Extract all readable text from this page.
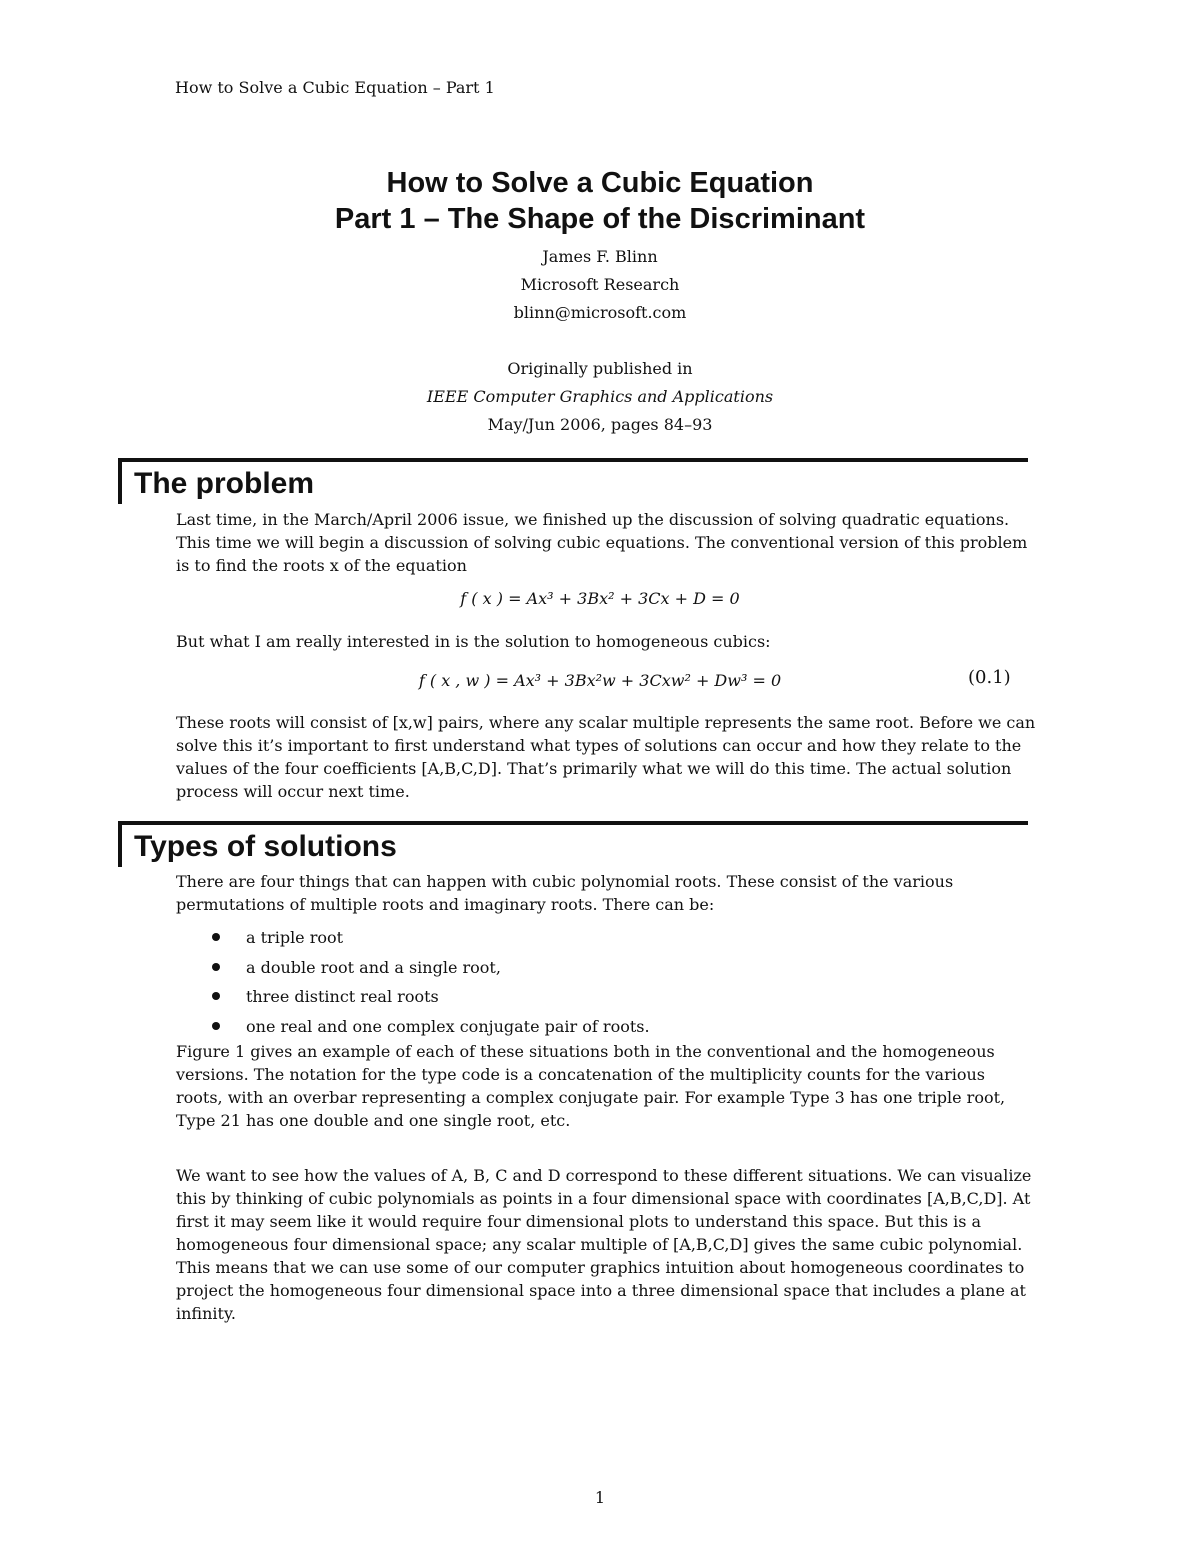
How to Solve a Cubic Equation – Part 1

How to Solve a Cubic Equation

Part 1 – The Shape of the Discriminant

James F. Blinn

Microsoft Research

blinn@microsoft.com

Originally published in

IEEE Computer Graphics and Applications

May/Jun 2006, pages 84–93

The problem

Last time, in the March/April 2006 issue, we finished up the discussion of solving quadratic equations. This time we will begin a discussion of solving cubic equations. The conventional version of this problem is to find the roots x of the equation

f ( x ) = Ax³ + 3Bx² + 3Cx + D = 0

But what I am really interested in is the solution to homogeneous cubics:

f ( x , w ) = Ax³ + 3Bx²w + 3Cxw² + Dw³ = 0	(0.1)

These roots will consist of [x,w] pairs, where any scalar multiple represents the same root. Before we can solve this it’s important to first understand what types of solutions can occur and how they relate to the values of the four coefficients [A,B,C,D]. That’s primarily what we will do this time. The actual solution process will occur next time.

Types of solutions

There are four things that can happen with cubic polynomial roots. These consist of the various permutations of multiple roots and imaginary roots. There can be:

a triple root
a double root and a single root,
three distinct real roots
one real and one complex conjugate pair of roots.

Figure 1 gives an example of each of these situations both in the conventional and the homogeneous versions. The notation for the type code is a concatenation of the multiplicity counts for the various roots, with an overbar representing a complex conjugate pair. For example Type 3 has one triple root, Type 21 has one double and one single root, etc.

We want to see how the values of A, B, C and D correspond to these different situations. We can visualize this by thinking of cubic polynomials as points in a four dimensional space with coordinates [A,B,C,D]. At first it may seem like it would require four dimensional plots to understand this space. But this is a homogeneous four dimensional space; any scalar multiple of [A,B,C,D] gives the same cubic polynomial. This means that we can use some of our computer graphics intuition about homogeneous coordinates to project the homogeneous four dimensional space into a three dimensional space that includes a plane at infinity.

1
